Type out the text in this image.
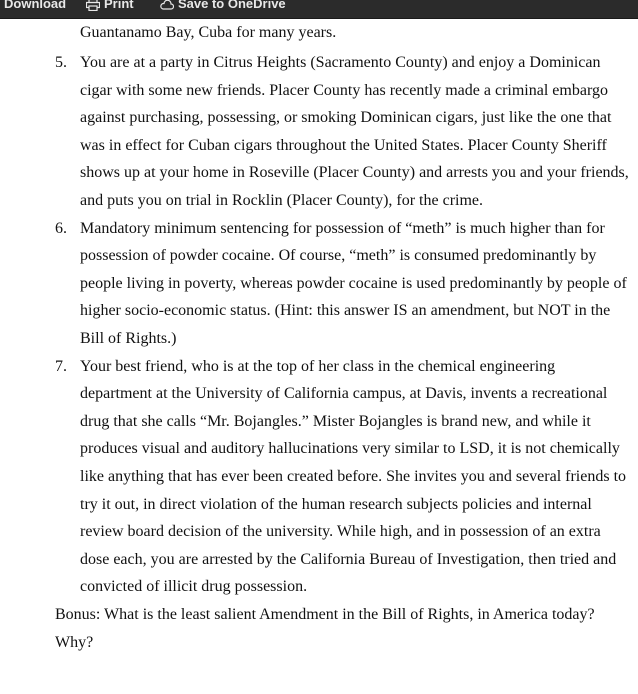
Download	Print	Save to OneDrive
Guantanamo Bay, Cuba for many years.
5. You are at a party in Citrus Heights (Sacramento County) and enjoy a Dominican
cigar with some new friends. Placer County has recently made a criminal embargo
against purchasing, possessing, or smoking Dominican cigars, just like the one that
was in effect for Cuban cigars throughout the United States. Placer County Sheriff
shows up at your home in Roseville (Placer County) and arrests you and your friends,
and puts you on trial in Rocklin (Placer County), for the crime.
6. Mandatory minimum sentencing for possession of “meth” is much higher than for
possession of powder cocaine. Of course, “meth” is consumed predominantly by
people living in poverty, whereas powder cocaine is used predominantly by people of
higher socio-economic status. (Hint: this answer IS an amendment, but NOT in the
Bill of Rights.)
7. Your best friend, who is at the top of her class in the chemical engineering
department at the University of California campus, at Davis, invents a recreational
drug that she calls “Mr. Bojangles.” Mister Bojangles is brand new, and while it
produces visual and auditory hallucinations very similar to LSD, it is not chemically
like anything that has ever been created before. She invites you and several friends to
try it out, in direct violation of the human research subjects policies and internal
review board decision of the university. While high, and in possession of an extra
dose each, you are arrested by the California Bureau of Investigation, then tried and
convicted of illicit drug possession.
Bonus: What is the least salient Amendment in the Bill of Rights, in America today?
Why?
